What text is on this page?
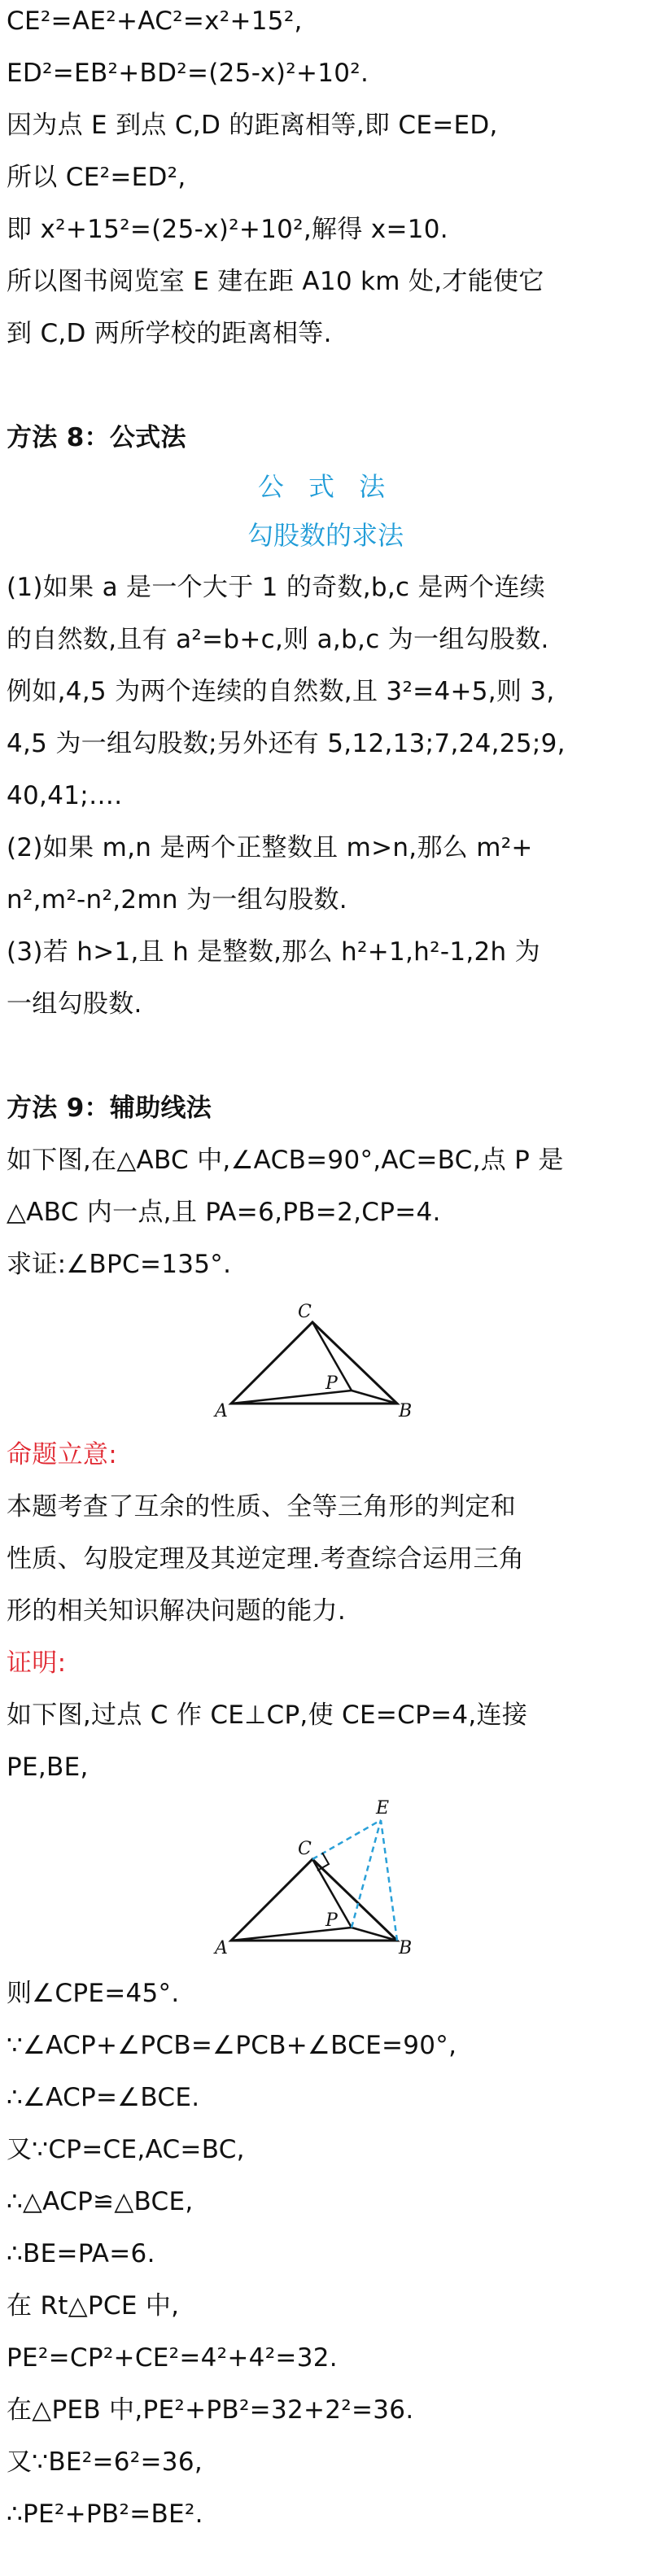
CE²=AE²+AC²=x²+15²,
ED²=EB²+BD²=(25-x)²+10².
因为点 E 到点 C,D 的距离相等,即 CE=ED,
所以 CE²=ED²,
即 x²+15²=(25-x)²+10²,解得 x=10.
所以图书阅览室 E 建在距 A10 km 处,才能使它
到 C,D 两所学校的距离相等.
方法 8：公式法
公 式 法
勾股数的求法
(1)如果 a 是一个大于 1 的奇数,b,c 是两个连续
的自然数,且有 a²=b+c,则 a,b,c 为一组勾股数.
例如,4,5 为两个连续的自然数,且 3²=4+5,则 3,
4,5 为一组勾股数;另外还有 5,12,13;7,24,25;9,
40,41;….
(2)如果 m,n 是两个正整数且 m>n,那么 m²+
n²,m²-n²,2mn 为一组勾股数.
(3)若 h>1,且 h 是整数,那么 h²+1,h²-1,2h 为
一组勾股数.
方法 9：辅助线法
如下图,在△ABC 中,∠ACB=90°,AC=BC,点 P 是
△ABC 内一点,且 PA=6,PB=2,CP=4.
求证:∠BPC=135°.
C
P
A	B
命题立意:
本题考查了互余的性质、全等三角形的判定和
性质、勾股定理及其逆定理.考查综合运用三角
形的相关知识解决问题的能力.
证明:
如下图,过点 C 作 CE⊥CP,使 CE=CP=4,连接
PE,BE,
E
C
P
A	B
则∠CPE=45°.
∵∠ACP+∠PCB=∠PCB+∠BCE=90°,
∴∠ACP=∠BCE.
又∵CP=CE,AC=BC,
∴△ACP≌△BCE,
∴BE=PA=6.
在 Rt△PCE 中,
PE²=CP²+CE²=4²+4²=32.
在△PEB 中,PE²+PB²=32+2²=36.
又∵BE²=6²=36,
∴PE²+PB²=BE².
